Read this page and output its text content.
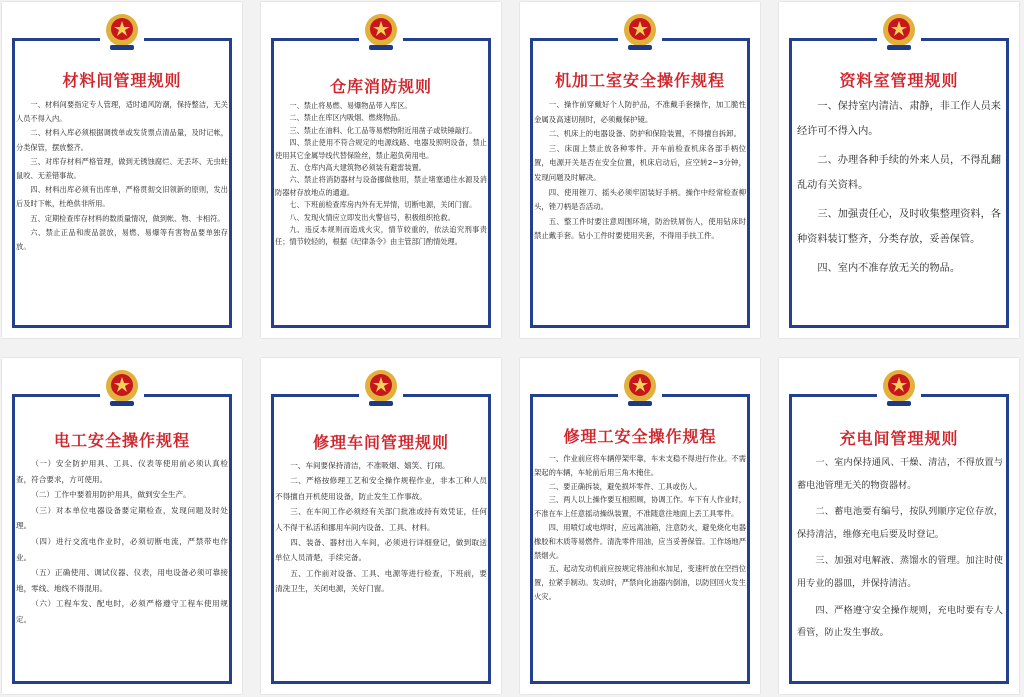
材料间管理规则

一、材料间要指定专人管理，适时通风防潮，保持整洁，无关人员不得入内。

二、材料入库必须根据调拨单或发货票点清品量，及时记帐，分类保管，摆放整齐。

三、对库存材料严格管理，做到无锈蚀腐烂、无丢坏、无虫蛀鼠咬、无差错事故。

四、材料出库必须有出库单，严格贯彻交旧领新的原则，发出后及时下帐，杜绝供非所用。

五、定期检查库存材料的数质量情况，做到帐、物、卡相符。

六、禁止正品和废品混放，易燃、易爆等有害物品要单独存放。

仓库消防规则

一、禁止将易燃、易爆物品带入库区。

二、禁止在库区内吸烟、燃烧物品。

三、禁止在油料、化工品等易燃物附近用凿子或铁锤敲打。

四、禁止使用不符合规定的电源线路、电器及照明设备，禁止使用其它金属导线代替保险丝，禁止超负荷用电。

五、仓库内高大建筑物必须装有避雷装置。

六、禁止将消防器材与设备挪做他用，禁止堵塞通往水源及消防器材存放地点的通道。

七、下班前检查库房内外有无异情，切断电源，关闭门窗。

八、发现火情应立即发出火警信号，积极组织抢救。

九、违反本规则而造成火灾，情节较重的，依法追究刑事责任；情节较轻的，根据《纪律条令》由主管部门酌情处理。

机加工室安全操作规程

一、操作前穿戴好个人防护品，不准戴手套操作，加工脆性金属及高速切削时，必须戴保护镜。

二、机床上的电器设备、防护和保险装置，不得擅自拆卸。

三、床面上禁止放各种零件。开车前检查机床各部手柄位置，电源开关是否在安全位置，机床启动后，应空转2~3分钟，发现问题及时解决。

四、使用锉刀、摇头必须牢固装好手柄。操作中经常检查柳头，锉刀柄是否活动。

五、整工件时要注意周围环境，防治铁屑伤人，使用钻床时禁止戴手套。钻小工件时要使用夹套，不得用手扶工件。

资料室管理规则

一、保持室内清洁、肃静，非工作人员来经许可不得入内。

二、办理各种手续的外来人员，不得乱翻乱动有关资料。

三、加强责任心，及时收集整理资料，各种资料装订整齐，分类存放，妥善保管。

四、室内不准存放无关的物品。

电工安全操作规程

（一）安全防护用具、工具、仪表等使用前必须认真检查，符合要求，方可使用。

（二）工作中要着用防护用具，做到安全生产。

（三）对本单位电器设备要定期检查，发现问题及时处理。

（四）进行交流电作业时，必须切断电流，严禁带电作业。

（五）正确使用、调试仪器、仪表，用电设备必须可靠接地，零线、地线不得混用。

（六）工程车发、配电时，必须严格遵守工程车使用规定。

修理车间管理规则

一、车间要保持清洁，不准吸烟、嬉笑、打闹。

二、严格按修理工艺和安全操作规程作业，非本工种人员不得擅自开机使用设备，防止发生工作事故。

三、在车间工作必须经有关部门批准或持有效凭证，任何人不得干私活和挪用车间内设备、工具、材料。

四、装备、器材出入车间，必须进行详细登记，做到取送单位人员清楚，手续完备。

五、工作前对设备、工具、电源等进行检查，下班前，要清洗卫生，关闭电源，关好门窗。

修理工安全操作规程

一、作业前应将车辆停架牢靠，车未支稳不得进行作业。不需架起的车辆，车轮前后用三角木掩住。

二、要正确拆装，避免损坏零件、工具或伤人。

三、两人以上操作要互相照顾，协调工作。车下有人作业时，不准在车上任意摇动操纵装置，不准随意往地面上丢工具零件。

四、用喷灯或电焊时，应远离油箱，注意防火，避免烧化电器橡胶和木质等易燃件。清洗零件用油，应当妥善保管。工作场地严禁烟火。

五、起动发动机前应按规定将油和水加足，变速杆放在空挡位置，拉紧手制动。发动时，严禁向化油器内倒油，以防回回火发生火灾。

充电间管理规则

一、室内保持通风、干燥、清洁，不得放置与蓄电池管理无关的物资器材。

二、蓄电池要有编号，按队列顺序定位存放，保持清洁，维修充电后要及时登记。

三、加强对电解液、蒸馏水的管理。加注时使用专业的器皿，并保持清洁。

四、严格遵守安全操作规则，充电时要有专人看管，防止发生事故。
